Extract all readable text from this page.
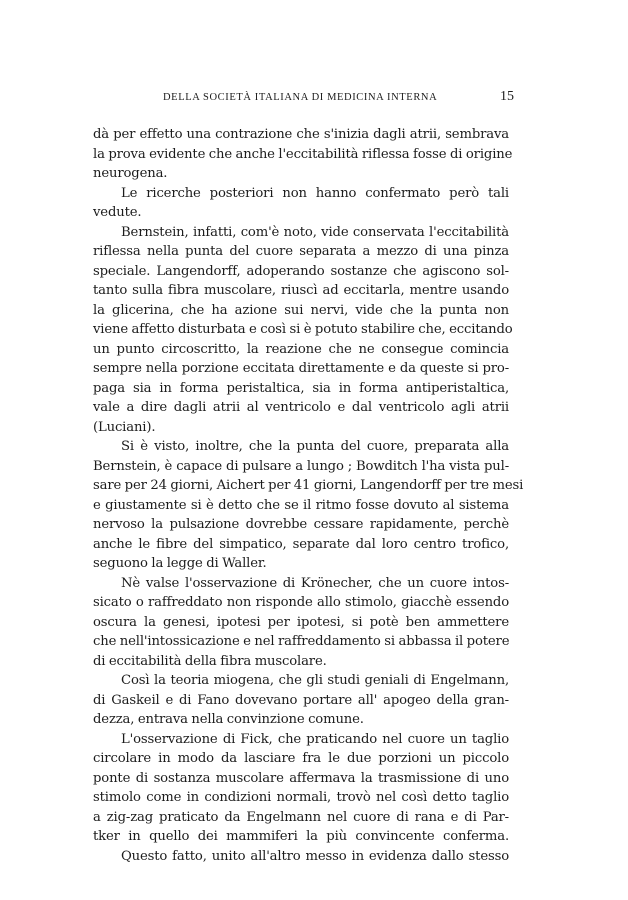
DELLA SOCIETÀ ITALIANA DI MEDICINA INTERNA	15
dà per effetto una contrazione che s'inizia dagli atrii, sembrava
la prova evidente che anche l'eccitabilità riflessa fosse di origine
neurogena.
Le ricerche posteriori non hanno confermato però tali
vedute.
Bernstein, infatti, com'è noto, vide conservata l'eccitabilità
riflessa nella punta del cuore separata a mezzo di una pinza
speciale. Langendorff, adoperando sostanze che agiscono sol-
tanto sulla fibra muscolare, riuscì ad eccitarla, mentre usando
la glicerina, che ha azione sui nervi, vide che la punta non
viene affetto disturbata e così si è potuto stabilire che, eccitando
un punto circoscritto, la reazione che ne consegue comincia
sempre nella porzione eccitata direttamente e da queste si pro-
paga sia in forma peristaltica, sia in forma antiperistaltica,
vale a dire dagli atrii al ventricolo e dal ventricolo agli atrii
(Luciani).
Si è visto, inoltre, che la punta del cuore, preparata alla
Bernstein, è capace di pulsare a lungo ; Bowditch l'ha vista pul-
sare per 24 giorni, Aichert per 41 giorni, Langendorff per tre mesi
e giustamente si è detto che se il ritmo fosse dovuto al sistema
nervoso la pulsazione dovrebbe cessare rapidamente, perchè
anche le fibre del simpatico, separate dal loro centro trofico,
seguono la legge di Waller.
Nè valse l'osservazione di Krönecher, che un cuore intos-
sicato o raffreddato non risponde allo stimolo, giacchè essendo
oscura la genesi, ipotesi per ipotesi, si potè ben ammettere
che nell'intossicazione e nel raffreddamento si abbassa il potere
di eccitabilità della fibra muscolare.
Così la teoria miogena, che gli studi geniali di Engelmann,
di Gaskeil e di Fano dovevano portare all' apogeo della gran-
dezza, entrava nella convinzione comune.
L'osservazione di Fick, che praticando nel cuore un taglio
circolare in modo da lasciare fra le due porzioni un piccolo
ponte di sostanza muscolare affermava la trasmissione di uno
stimolo come in condizioni normali, trovò nel così detto taglio
a zig-zag praticato da Engelmann nel cuore di rana e di Par-
tker in quello dei mammiferi la più convincente conferma.
Questo fatto, unito all'altro messo in evidenza dallo stesso
